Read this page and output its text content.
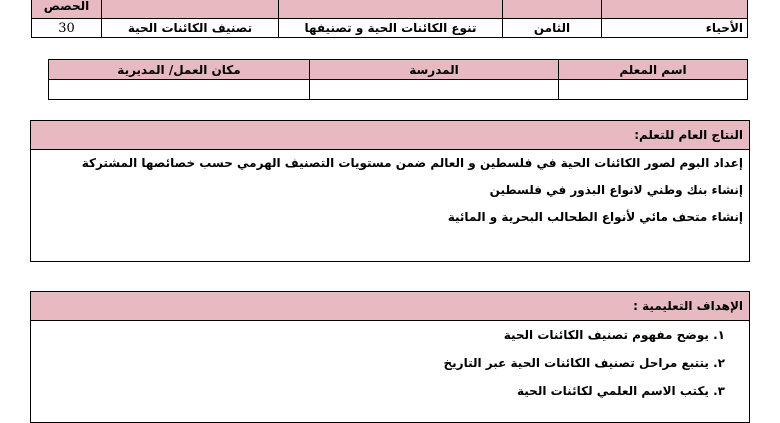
				الحصص
الأحياء	الثامن	تنوع الكائنات الحية و تصنيفها	تصنيف الكائنات الحية	30
اسم المعلم	المدرسة	مكان العمل/ المديرية

النتاج العام للتعلم:
إعداد البوم لصور الكائنات الحية في فلسطين و العالم ضمن مستويات التصنيف الهرمي حسب خصائصها المشتركة
إنشاء بنك وطني لانواع البذور في فلسطين
إنشاء متحف مائي لأنواع الطحالب البحرية و المائية
الإهداف التعليمية :
١. يوضح مفهوم تصنيف الكائنات الحية
٢. يتتبع مراحل تصنيف الكائنات الحية عبر التاريخ
٣. يكتب الاسم العلمي لكائنات الحية
